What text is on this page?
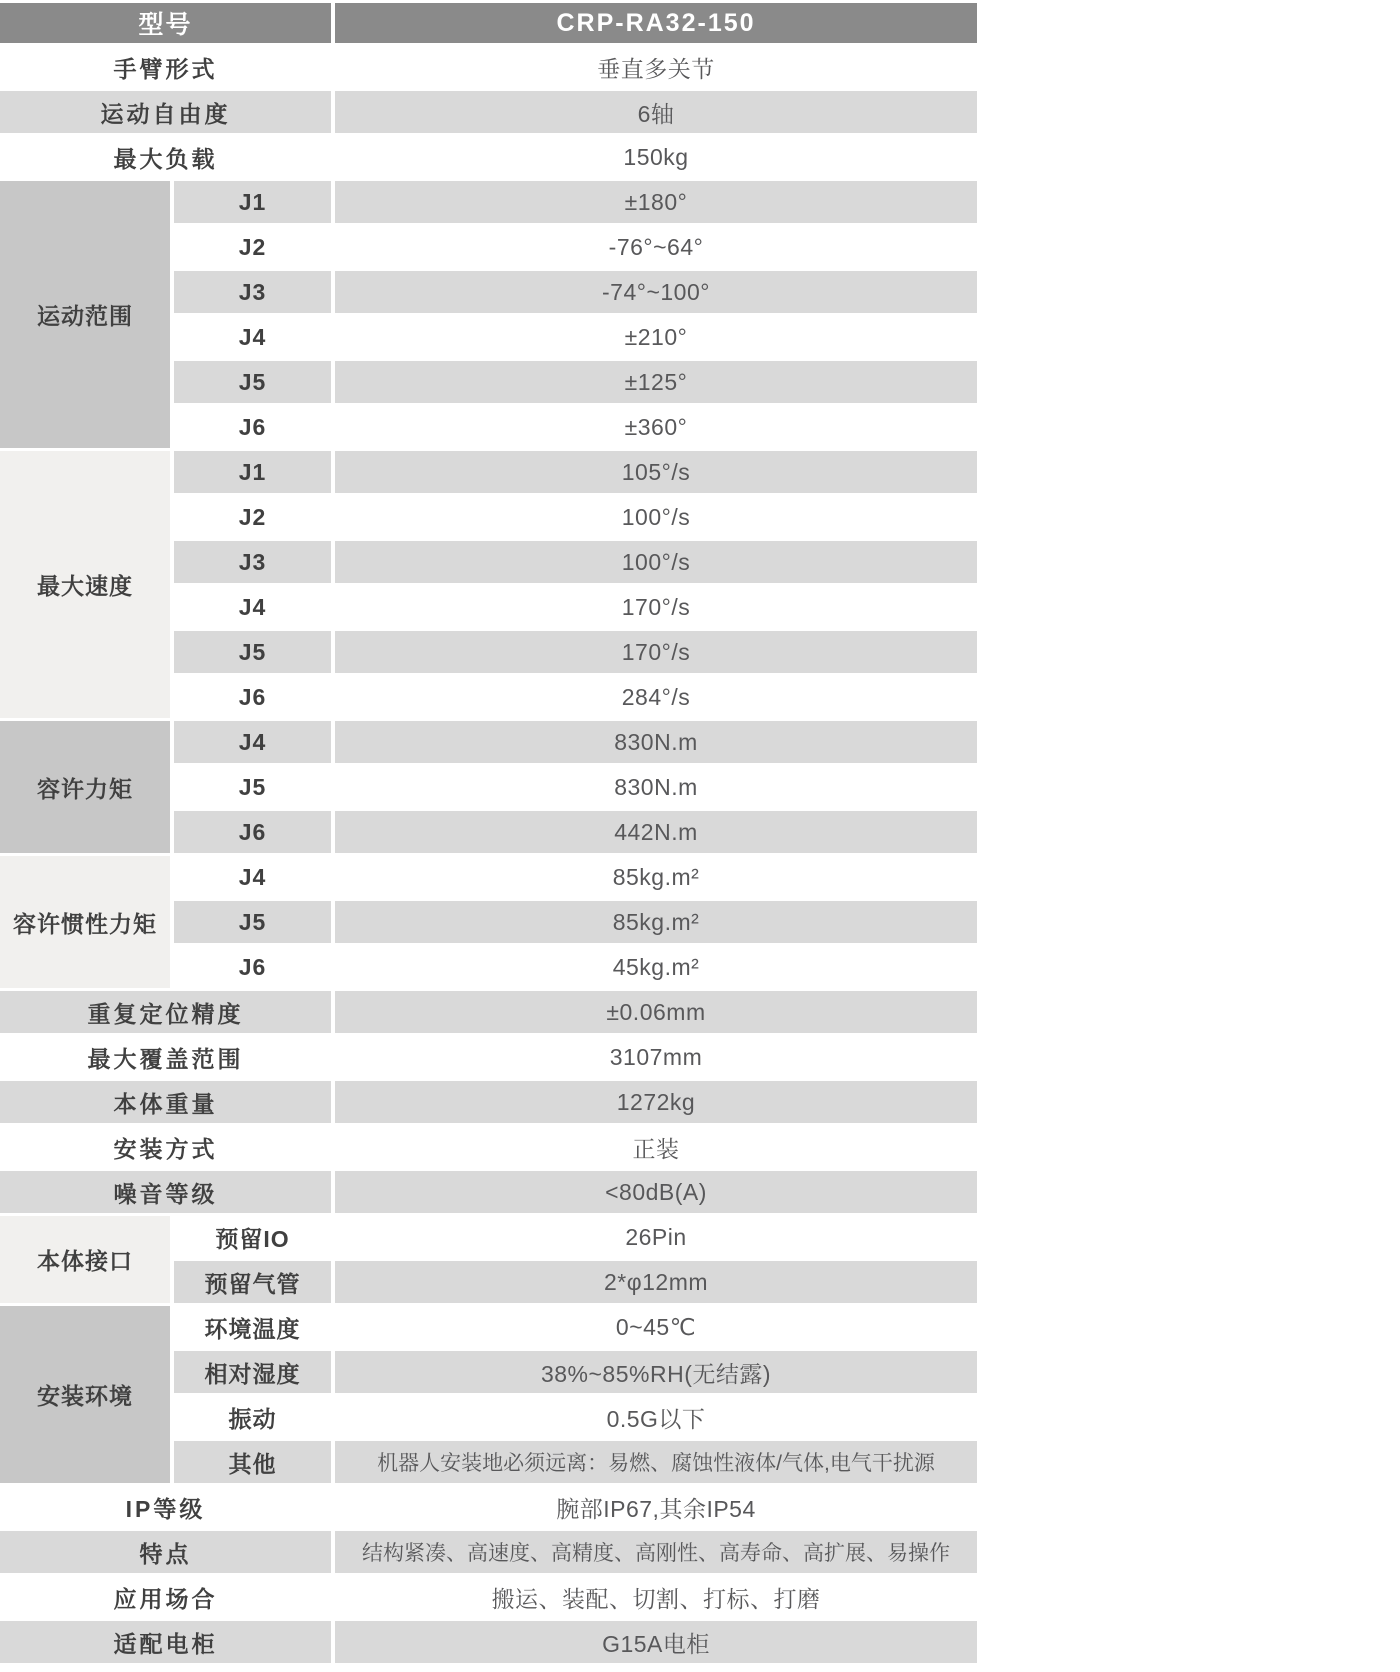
型号	CRP-RA32-150
手臂形式	垂直多关节
运动自由度	6轴
最大负载	150kg
运动范围
J1	±180°
J2	-76°~64°
J3	-74°~100°
J4	±210°
J5	±125°
J6	±360°
最大速度
J1	105°/s
J2	100°/s
J3	100°/s
J4	170°/s
J5	170°/s
J6	284°/s
容许力矩
J4	830N.m
J5	830N.m
J6	442N.m
容许惯性力矩
J4	85kg.m²
J5	85kg.m²
J6	45kg.m²
重复定位精度	±0.06mm
最大覆盖范围	3107mm
本体重量	1272kg
安装方式	正装
噪音等级	<80dB(A)
本体接口
预留IO	26Pin
预留气管	2*φ12mm
安装环境
环境温度	0~45℃
相对湿度	38%~85%RH(无结露)
振动	0.5G以下
其他	机器人安装地必须远离：易燃、腐蚀性液体/气体,电气干扰源
IP等级	腕部IP67,其余IP54
特点	结构紧凑、高速度、高精度、高刚性、高寿命、高扩展、易操作
应用场合	搬运、装配、切割、打标、打磨
适配电柜	G15A电柜
